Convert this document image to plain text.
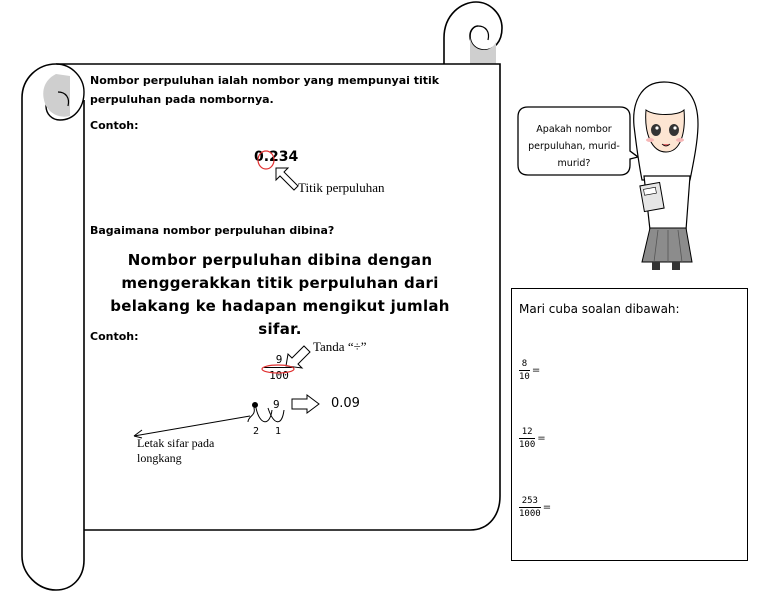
Nombor perpuluhan ialah nombor yang mempunyai titik perpuluhan pada nombornya.
Contoh:
0.234
Titik perpuluhan
Bagaimana nombor perpuluhan dibina?
Nombor perpuluhan dibina dengan menggerakkan titik perpuluhan dari belakang ke hadapan mengikut jumlah sifar.
Contoh:
Tanda “÷”
9
100
9
2 1
0.09
Letak sifar pada longkang
Apakah nombor perpuluhan, murid-murid?
Mari cuba soalan dibawah:
$\frac{8}{10}$ =
$\frac{12}{100}$ =
$\frac{253}{1000}$ =
